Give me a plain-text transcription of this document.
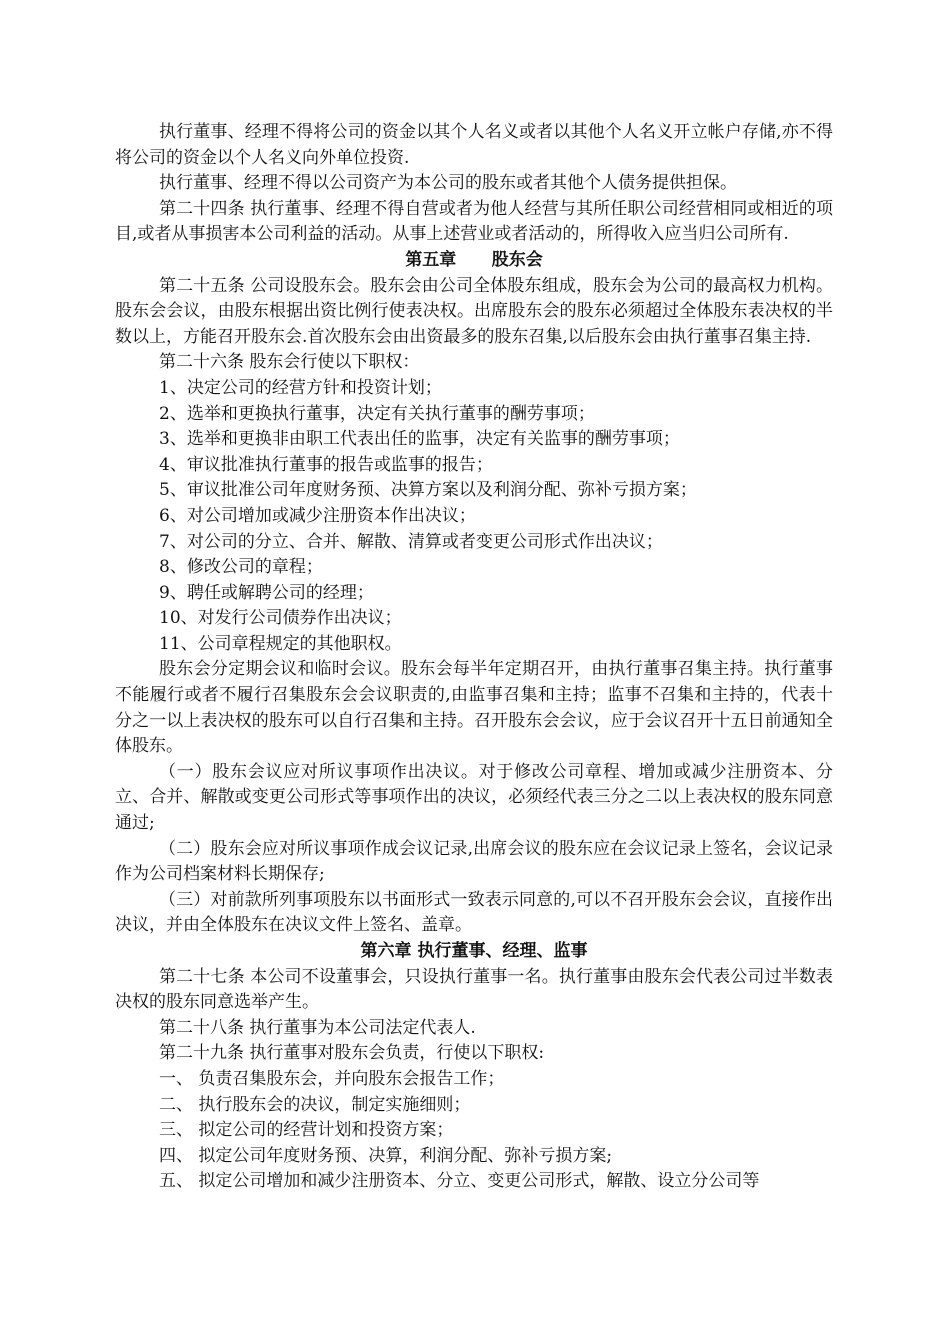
执行董事、经理不得将公司的资金以其个人名义或者以其他个人名义开立帐户存储,亦不得将公司的资金以个人名义向外单位投资.

执行董事、经理不得以公司资产为本公司的股东或者其他个人债务提供担保。

第二十四条 执行董事、经理不得自营或者为他人经营与其所任职公司经营相同或相近的项目,或者从事损害本公司利益的活动。从事上述营业或者活动的，所得收入应当归公司所有.

第五章      股东会

第二十五条 公司设股东会。股东会由公司全体股东组成，股东会为公司的最高权力机构。股东会会议，由股东根据出资比例行使表决权。出席股东会的股东必须超过全体股东表决权的半数以上，方能召开股东会.首次股东会由出资最多的股东召集,以后股东会由执行董事召集主持.

第二十六条 股东会行使以下职权：

1、决定公司的经营方针和投资计划；

2、选举和更换执行董事，决定有关执行董事的酬劳事项；

3、选举和更换非由职工代表出任的监事，决定有关监事的酬劳事项；

4、审议批准执行董事的报告或监事的报告；

5、审议批准公司年度财务预、决算方案以及利润分配、弥补亏损方案；

6、对公司增加或减少注册资本作出决议；

7、对公司的分立、合并、解散、清算或者变更公司形式作出决议；

8、修改公司的章程；

9、聘任或解聘公司的经理；

10、对发行公司债券作出决议；

11、公司章程规定的其他职权。

股东会分定期会议和临时会议。股东会每半年定期召开，由执行董事召集主持。执行董事不能履行或者不履行召集股东会会议职责的,由监事召集和主持；监事不召集和主持的，代表十分之一以上表决权的股东可以自行召集和主持。召开股东会会议，应于会议召开十五日前通知全体股东。

（一）股东会议应对所议事项作出决议。对于修改公司章程、增加或减少注册资本、分立、合并、解散或变更公司形式等事项作出的决议，必须经代表三分之二以上表决权的股东同意通过;

（二）股东会应对所议事项作成会议记录,出席会议的股东应在会议记录上签名，会议记录作为公司档案材料长期保存;

（三）对前款所列事项股东以书面形式一致表示同意的,可以不召开股东会会议，直接作出决议，并由全体股东在决议文件上签名、盖章。

第六章 执行董事、经理、监事

第二十七条 本公司不设董事会，只设执行董事一名。执行董事由股东会代表公司过半数表决权的股东同意选举产生。

第二十八条 执行董事为本公司法定代表人.

第二十九条 执行董事对股东会负责，行使以下职权:

一、 负责召集股东会，并向股东会报告工作；

二、 执行股东会的决议，制定实施细则；

三、 拟定公司的经营计划和投资方案；

四、 拟定公司年度财务预、决算，利润分配、弥补亏损方案;

五、 拟定公司增加和减少注册资本、分立、变更公司形式，解散、设立分公司等
